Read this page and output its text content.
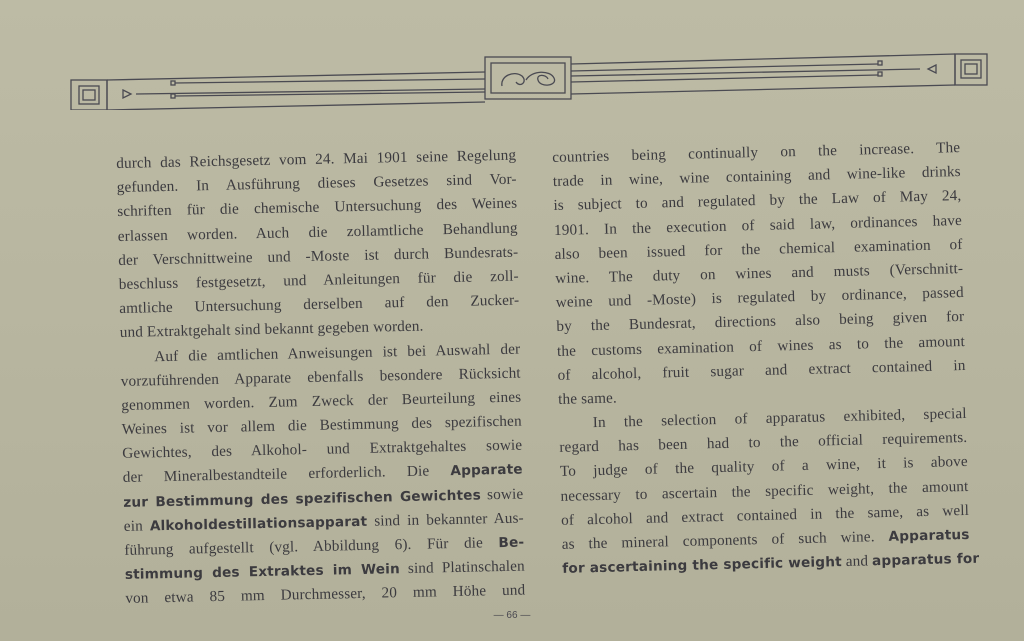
durch das Reichsgesetz vom 24. Mai 1901 seine Regelung
gefunden. In Ausführung dieses Gesetzes sind Vor-
schriften für die chemische Untersuchung des Weines
erlassen worden. Auch die zollamtliche Behandlung
der Verschnittweine und -Moste ist durch Bundesrats-
beschluss festgesetzt, und Anleitungen für die zoll-
amtliche Untersuchung derselben auf den Zucker-
und Extraktgehalt sind bekannt gegeben worden.
Auf die amtlichen Anweisungen ist bei Auswahl der
vorzuführenden Apparate ebenfalls besondere Rücksicht
genommen worden. Zum Zweck der Beurteilung eines
Weines ist vor allem die Bestimmung des spezifischen
Gewichtes, des Alkohol- und Extraktgehaltes sowie
der Mineralbestandteile erforderlich. Die Apparate
zur Bestimmung des spezifischen Gewichtes sowie
ein Alkoholdestillationsapparat sind in bekannter Aus-
führung aufgestellt (vgl. Abbildung 6). Für die Be-
stimmung des Extraktes im Wein sind Platinschalen
von etwa 85 mm Durchmesser, 20 mm Höhe und
countries being continually on the increase. The
trade in wine, wine containing and wine-like drinks
is subject to and regulated by the Law of May 24,
1901. In the execution of said law, ordinances have
also been issued for the chemical examination of
wine. The duty on wines and musts (Verschnitt-
weine und -Moste) is regulated by ordinance, passed
by the Bundesrat, directions also being given for
the customs examination of wines as to the amount
of alcohol, fruit sugar and extract contained in
the same.
In the selection of apparatus exhibited, special
regard has been had to the official requirements.
To judge of the quality of a wine, it is above
necessary to ascertain the specific weight, the amount
of alcohol and extract contained in the same, as well
as the mineral components of such wine. Apparatus
for ascertaining the specific weight and apparatus for
— 66 —
